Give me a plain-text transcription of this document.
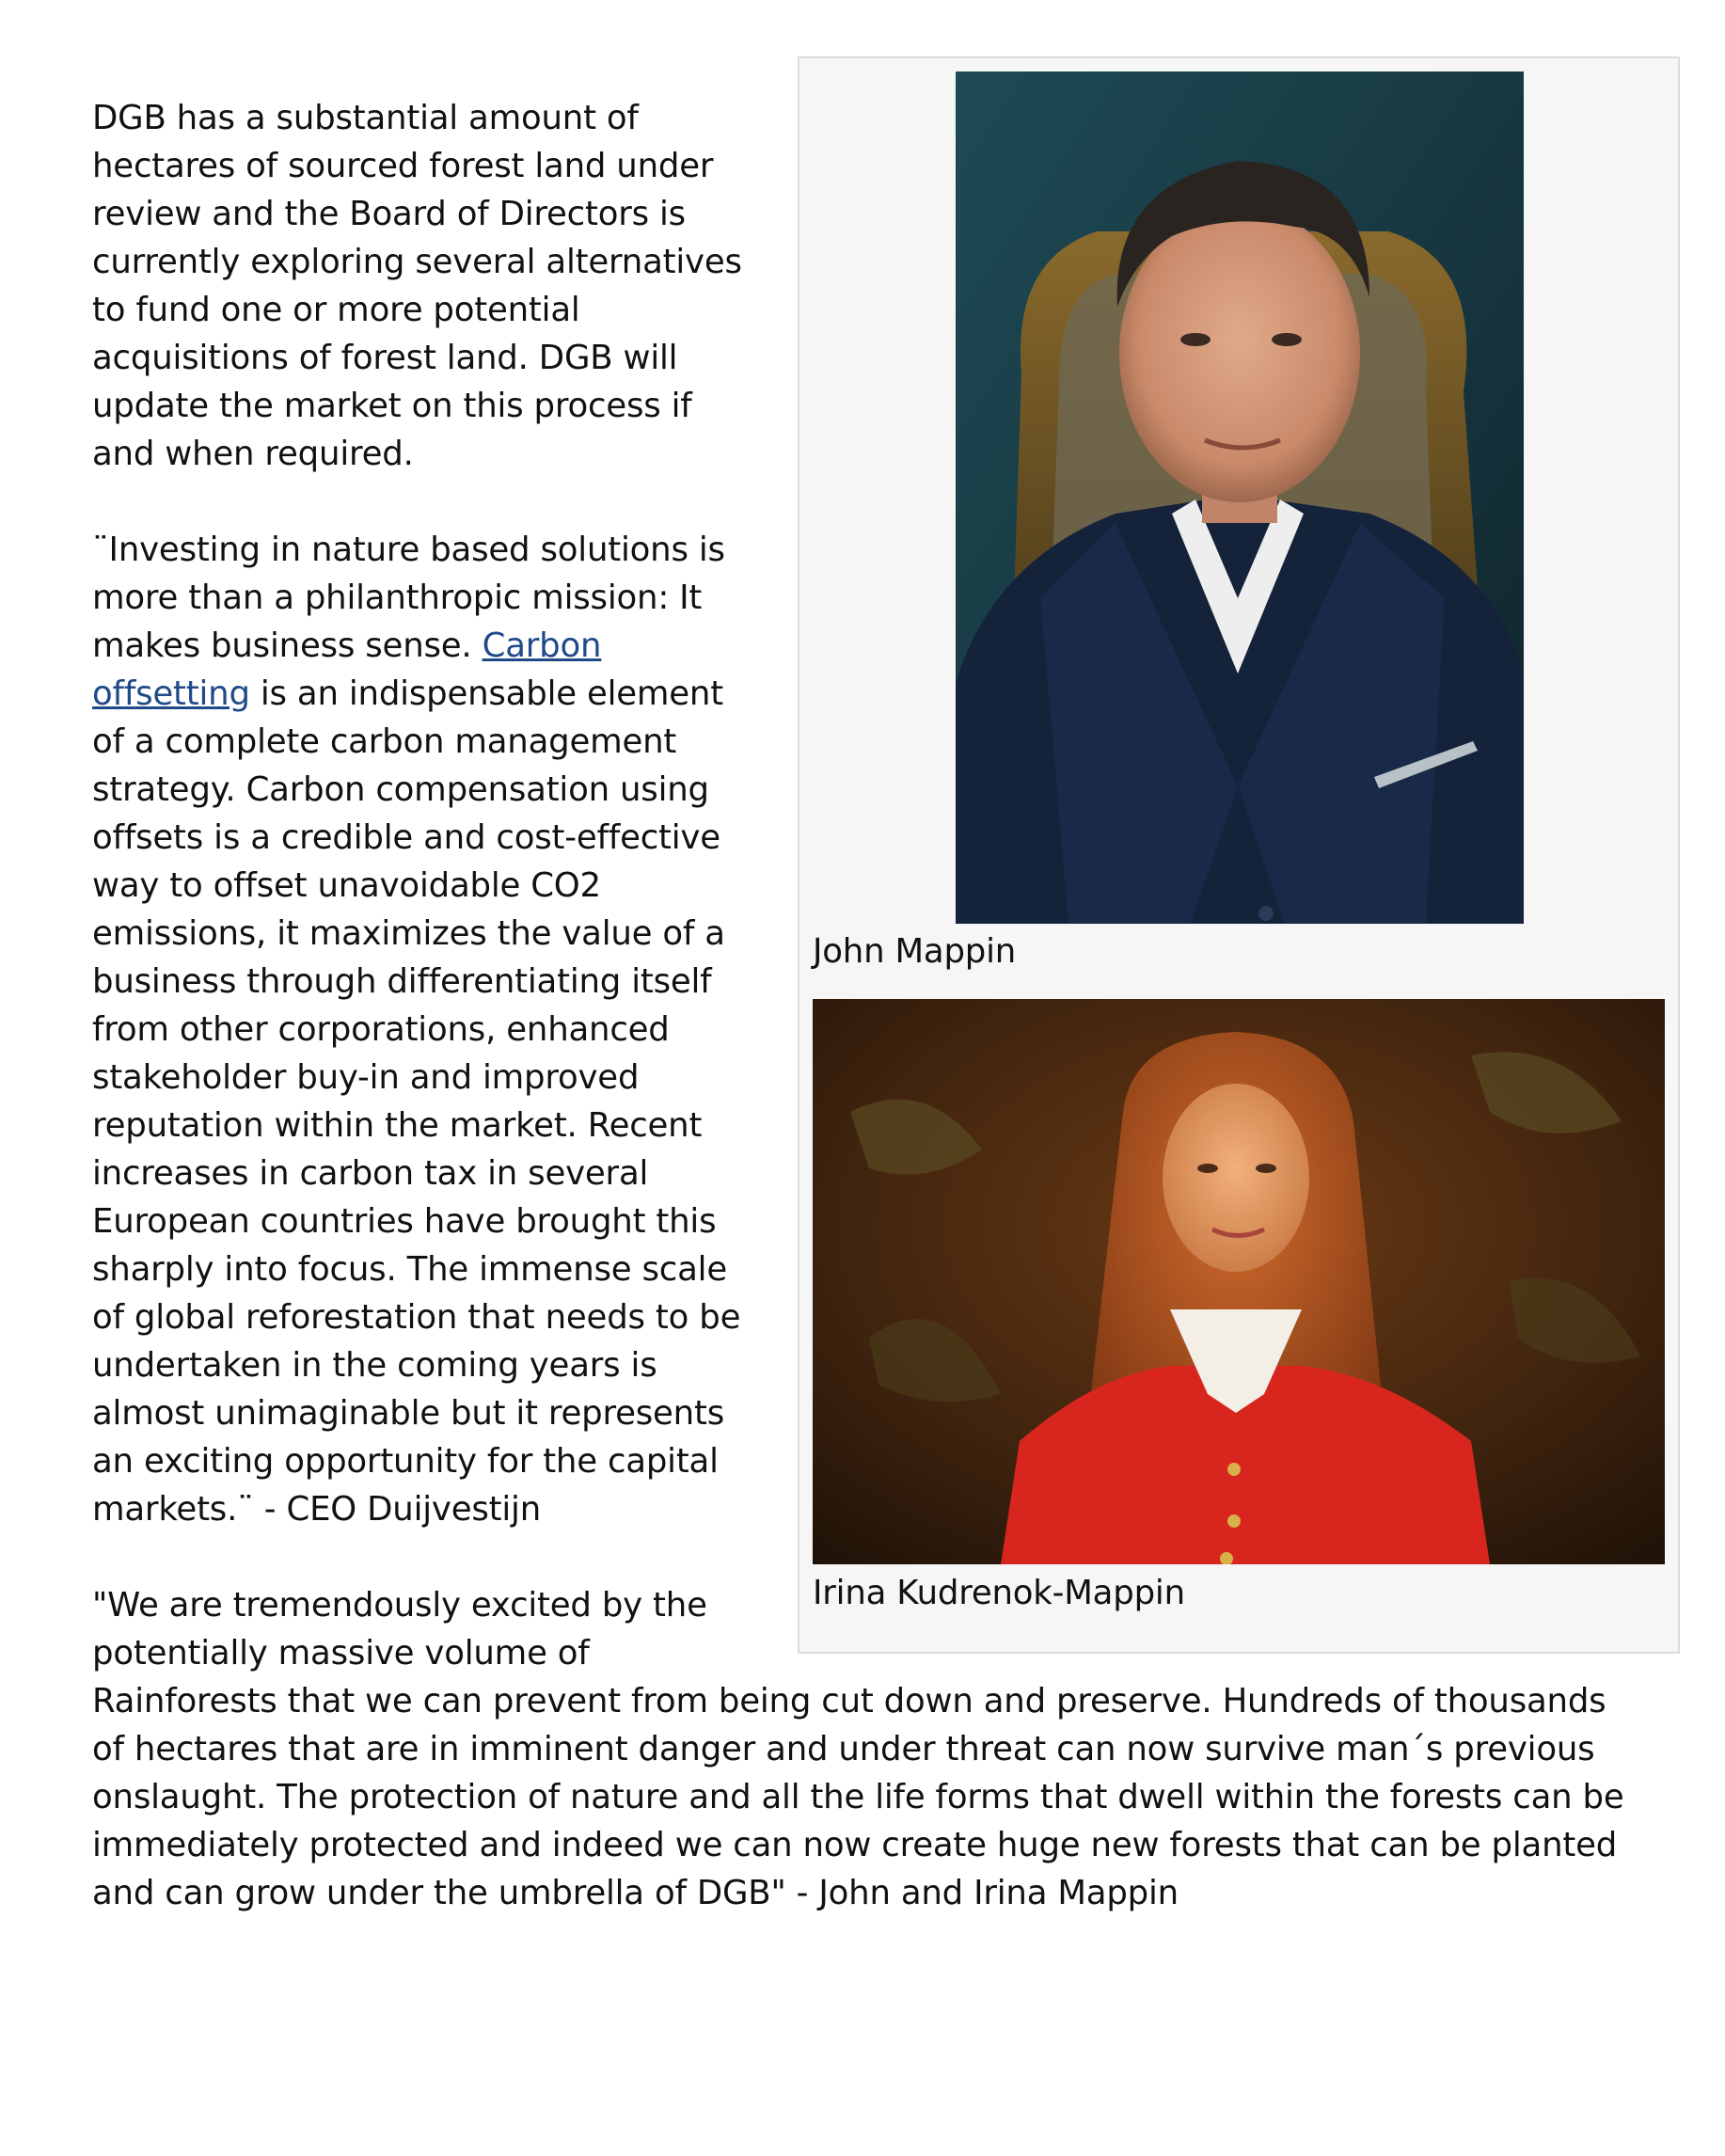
John Mappin
Irina Kudrenok-Mappin

DGB has a substantial amount of hectares of sourced forest land under review and the Board of Directors is currently exploring several alternatives to fund one or more potential acquisitions of forest land. DGB will update the market on this process if and when required.

¨Investing in nature based solutions is more than a philanthropic mission: It makes business sense. Carbon offsetting is an indispensable element of a complete carbon management strategy. Carbon compensation using offsets is a credible and cost-effective way to offset unavoidable CO2 emissions, it maximizes the value of a business through differentiating itself from other corporations, enhanced stakeholder buy-in and improved reputation within the market. Recent increases in carbon tax in several European countries have brought this sharply into focus. The immense scale of global reforestation that needs to be undertaken in the coming years is almost unimaginable but it represents an exciting opportunity for the capital markets.¨ - CEO Duijvestijn

"We are tremendously excited by the potentially massive volume of Rainforests that we can prevent from being cut down and preserve. Hundreds of thousands of hectares that are in imminent danger and under threat can now survive man´s previous onslaught. The protection of nature and all the life forms that dwell within the forests can be immediately protected and indeed we can now create huge new forests that can be planted and can grow under the umbrella of DGB" - John and Irina Mappin
